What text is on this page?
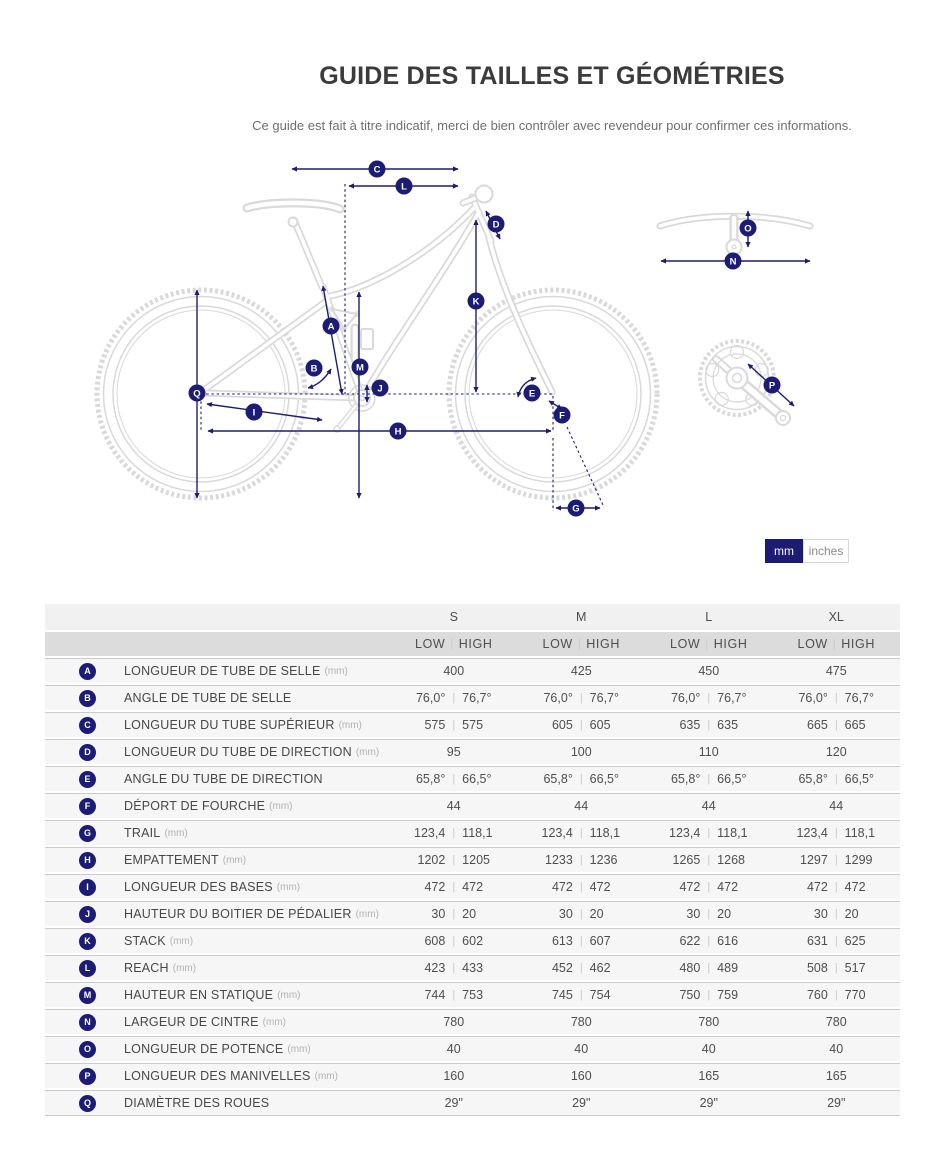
GUIDE DES TAILLES ET GÉOMÉTRIES
Ce guide est fait à titre indicatif, merci de bien contrôler avec revendeur pour confirmer ces informations.
A
B
C
D
E
F
G
H
I
J
K
L
M
N
O
P
Q
mm	inches
S	M	L	XL
LOW | HIGH	LOW | HIGH	LOW | HIGH	LOW | HIGH
A	LONGUEUR DE TUBE DE SELLE (mm)	400	425	450	475
B	ANGLE DE TUBE DE SELLE	76,0° | 76,7°	76,0° | 76,7°	76,0° | 76,7°	76,0° | 76,7°
C	LONGUEUR DU TUBE SUPÉRIEUR (mm)	575 | 575	605 | 605	635 | 635	665 | 665
D	LONGUEUR DU TUBE DE DIRECTION (mm)	95	100	110	120
E	ANGLE DU TUBE DE DIRECTION	65,8° | 66,5°	65,8° | 66,5°	65,8° | 66,5°	65,8° | 66,5°
F	DÉPORT DE FOURCHE (mm)	44	44	44	44
G	TRAIL (mm)	123,4 | 118,1	123,4 | 118,1	123,4 | 118,1	123,4 | 118,1
H	EMPATTEMENT (mm)	1202 | 1205	1233 | 1236	1265 | 1268	1297 | 1299
I	LONGUEUR DES BASES (mm)	472 | 472	472 | 472	472 | 472	472 | 472
J	HAUTEUR DU BOITIER DE PÉDALIER (mm)	30 | 20	30 | 20	30 | 20	30 | 20
K	STACK (mm)	608 | 602	613 | 607	622 | 616	631 | 625
L	REACH (mm)	423 | 433	452 | 462	480 | 489	508 | 517
M	HAUTEUR EN STATIQUE (mm)	744 | 753	745 | 754	750 | 759	760 | 770
N	LARGEUR DE CINTRE (mm)	780	780	780	780
O	LONGUEUR DE POTENCE (mm)	40	40	40	40
P	LONGUEUR DES MANIVELLES (mm)	160	160	165	165
Q	DIAMÈTRE DES ROUES	29"	29"	29"	29"
